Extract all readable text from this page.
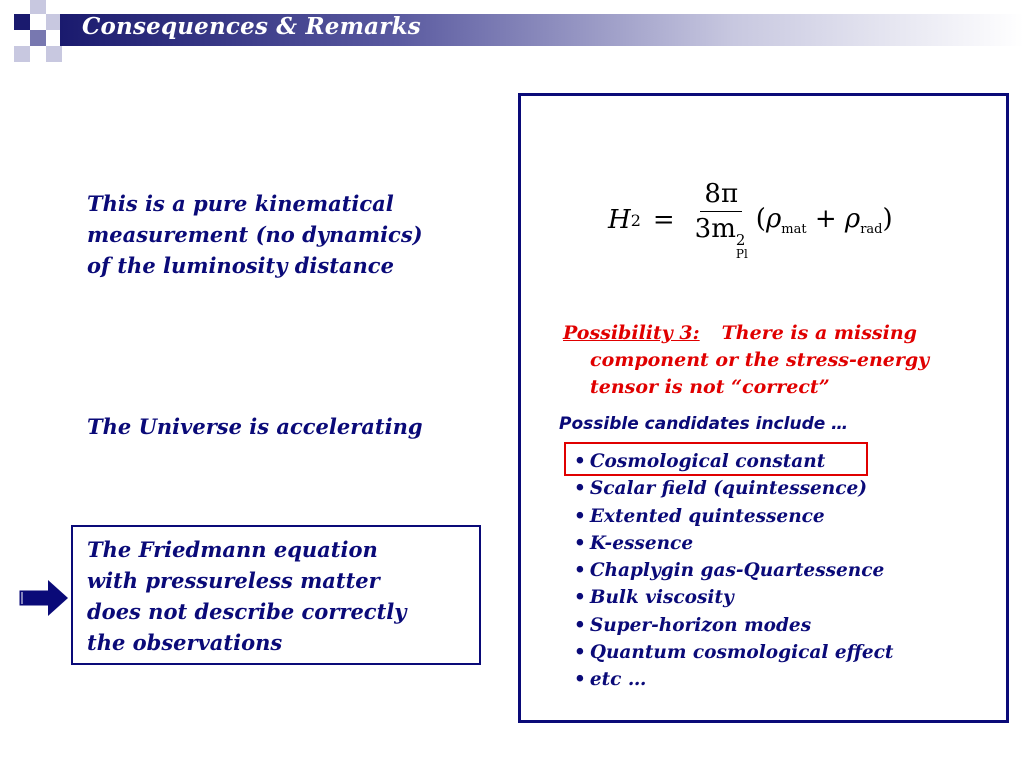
Consequences & Remarks
This is a pure kinematical
measurement (no dynamics)
of the luminosity distance
The Universe is accelerating
The Friedmann equation
with pressureless matter
does not describe correctly
the observations
H 2 = 8π
3m 2
Pl $(\rho_{mat} + \rho_{rad})$
Possibility 3: There is a missing
component or the stress-energy
tensor is not “correct”
Possible candidates include …
• Cosmological constant
• Scalar field (quintessence)
• Extented quintessence
• K-essence
• Chaplygin gas-Quartessence
• Bulk viscosity
• Super-horizon modes
• Quantum cosmological effect
• etc …
